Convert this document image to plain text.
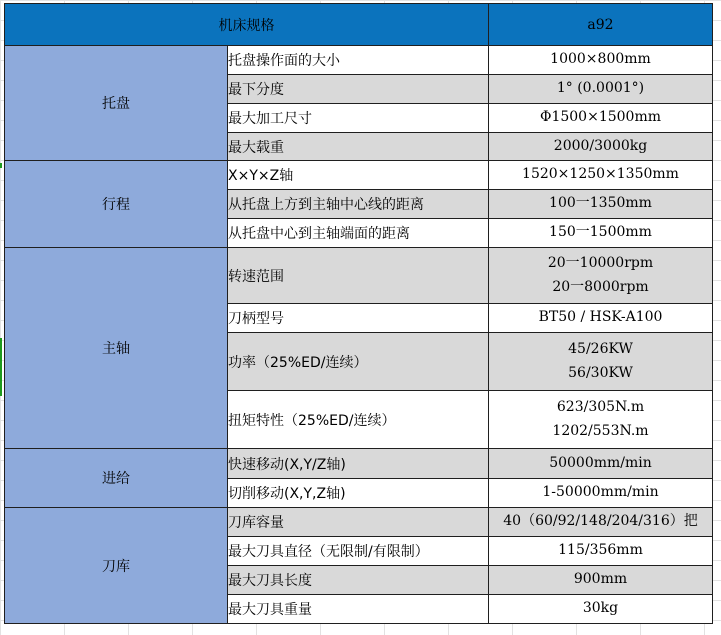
机床规格		a92
托盘	托盘操作面的大小	1000×800mm

	最下分度	1° (0.0001°)

	最大加工尺寸	Φ1500×1500mm

	最大载重	2000/3000kg

行程	X×Y×Z轴	1520×1250×1350mm

	从托盘上方到主轴中心线的距离	100一1350mm

	从托盘中心到主轴端面的距离	150一1500mm

主轴	转速范围	20一10000rpm
20一8000rpm

	刀柄型号	BT50 / HSK-A100

	功率（25%ED/连续）	45/26KW
56/30KW

	扭矩特性（25%ED/连续）	623/305N.m
1202/553N.m

进给	快速移动(X,Y/Z轴)	50000mm/min

	切削移动(X,Y,Z轴)	1-50000mm/min

刀库	刀库容量	40（60/92/148/204/316）把

	最大刀具直径（无限制/有限制）	115/356mm

	最大刀具长度	900mm

	最大刀具重量	30kg
